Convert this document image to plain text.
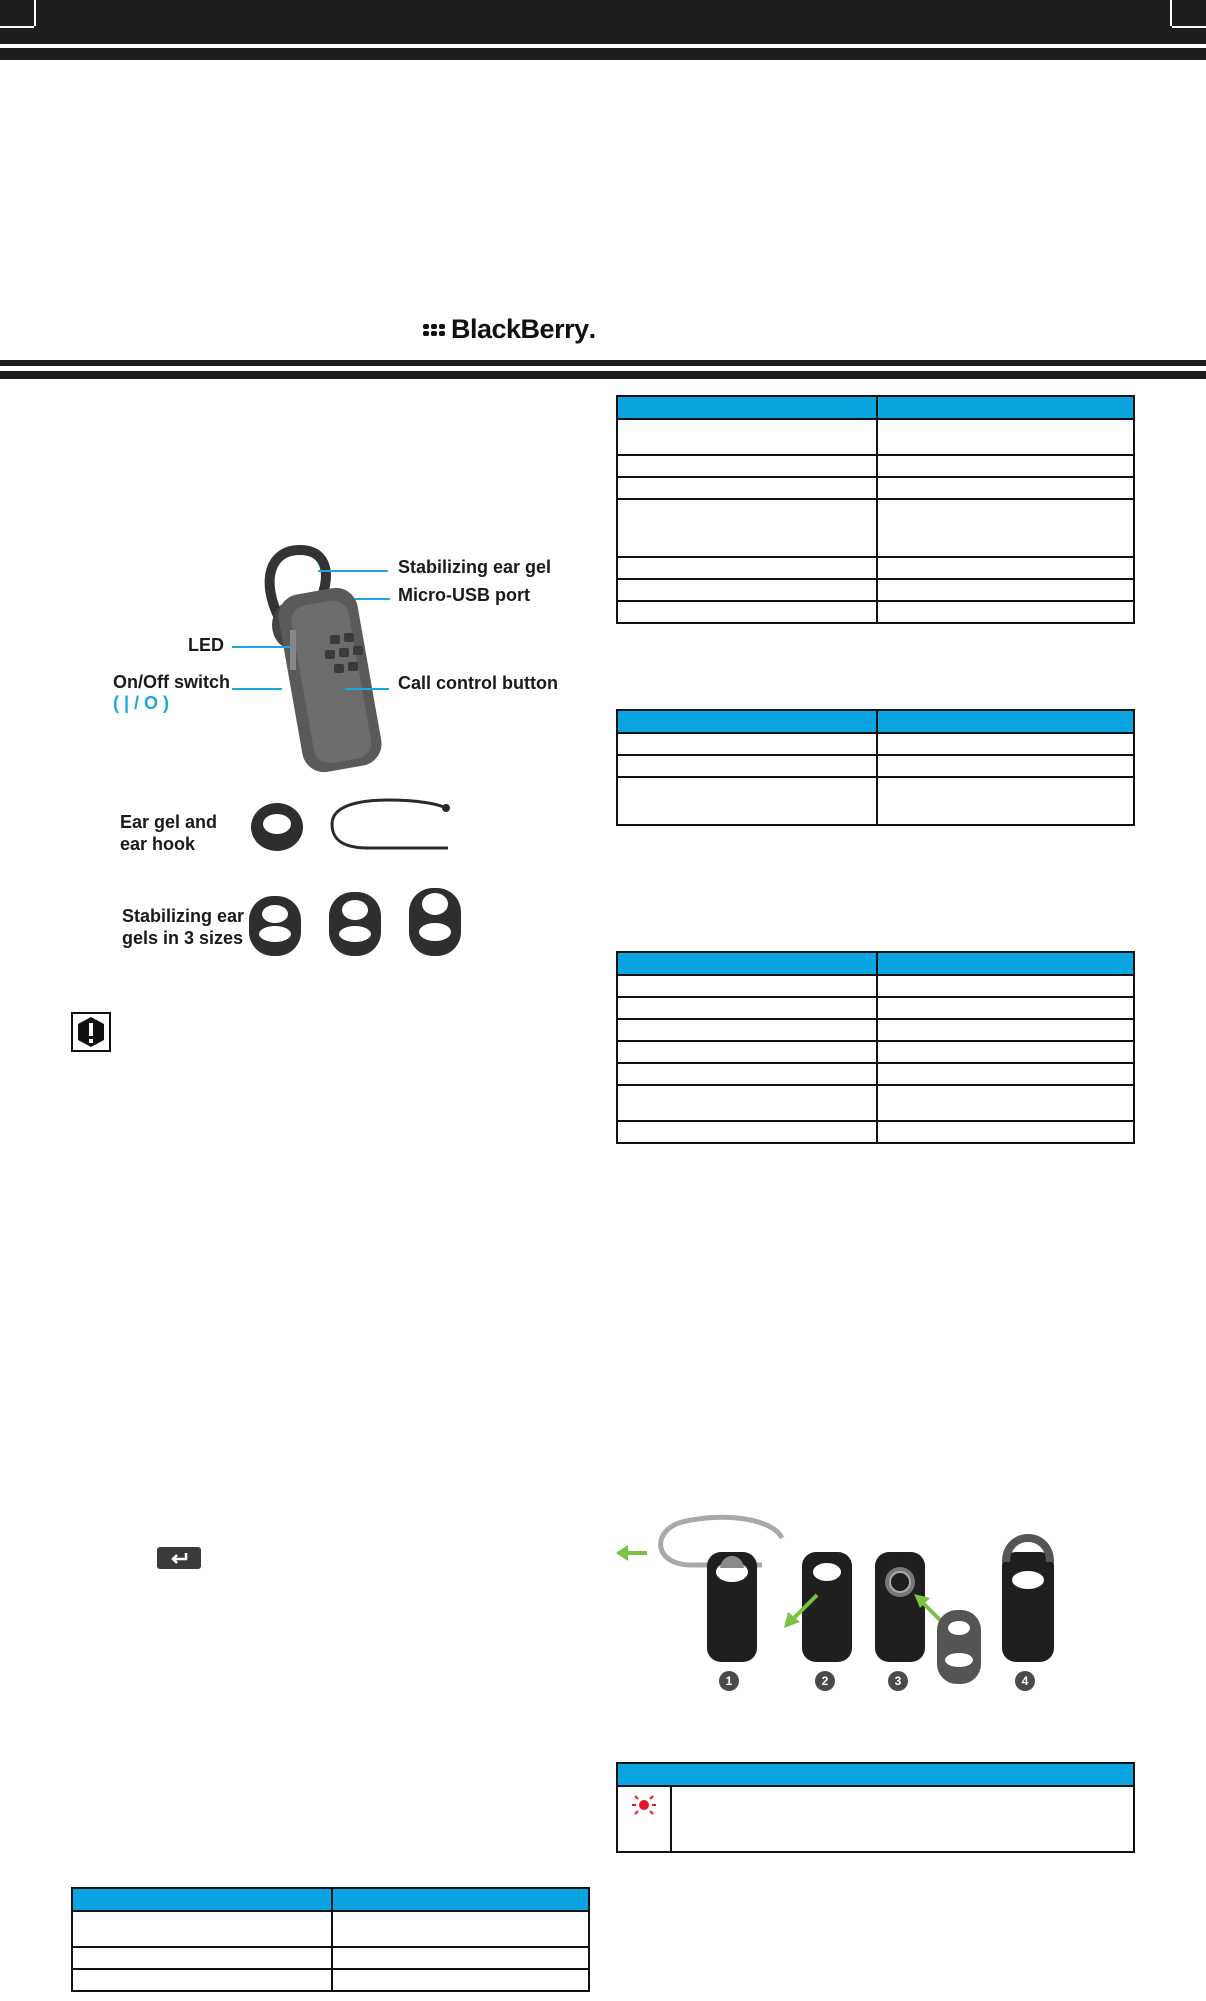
BlackBerry .
Stabilizing ear gel
Micro-USB port
LED
On/Off switch
( | / O )
Call control button
Ear gel and
ear hook
Stabilizing ear
gels in 3 sizes

1	2	3	4
